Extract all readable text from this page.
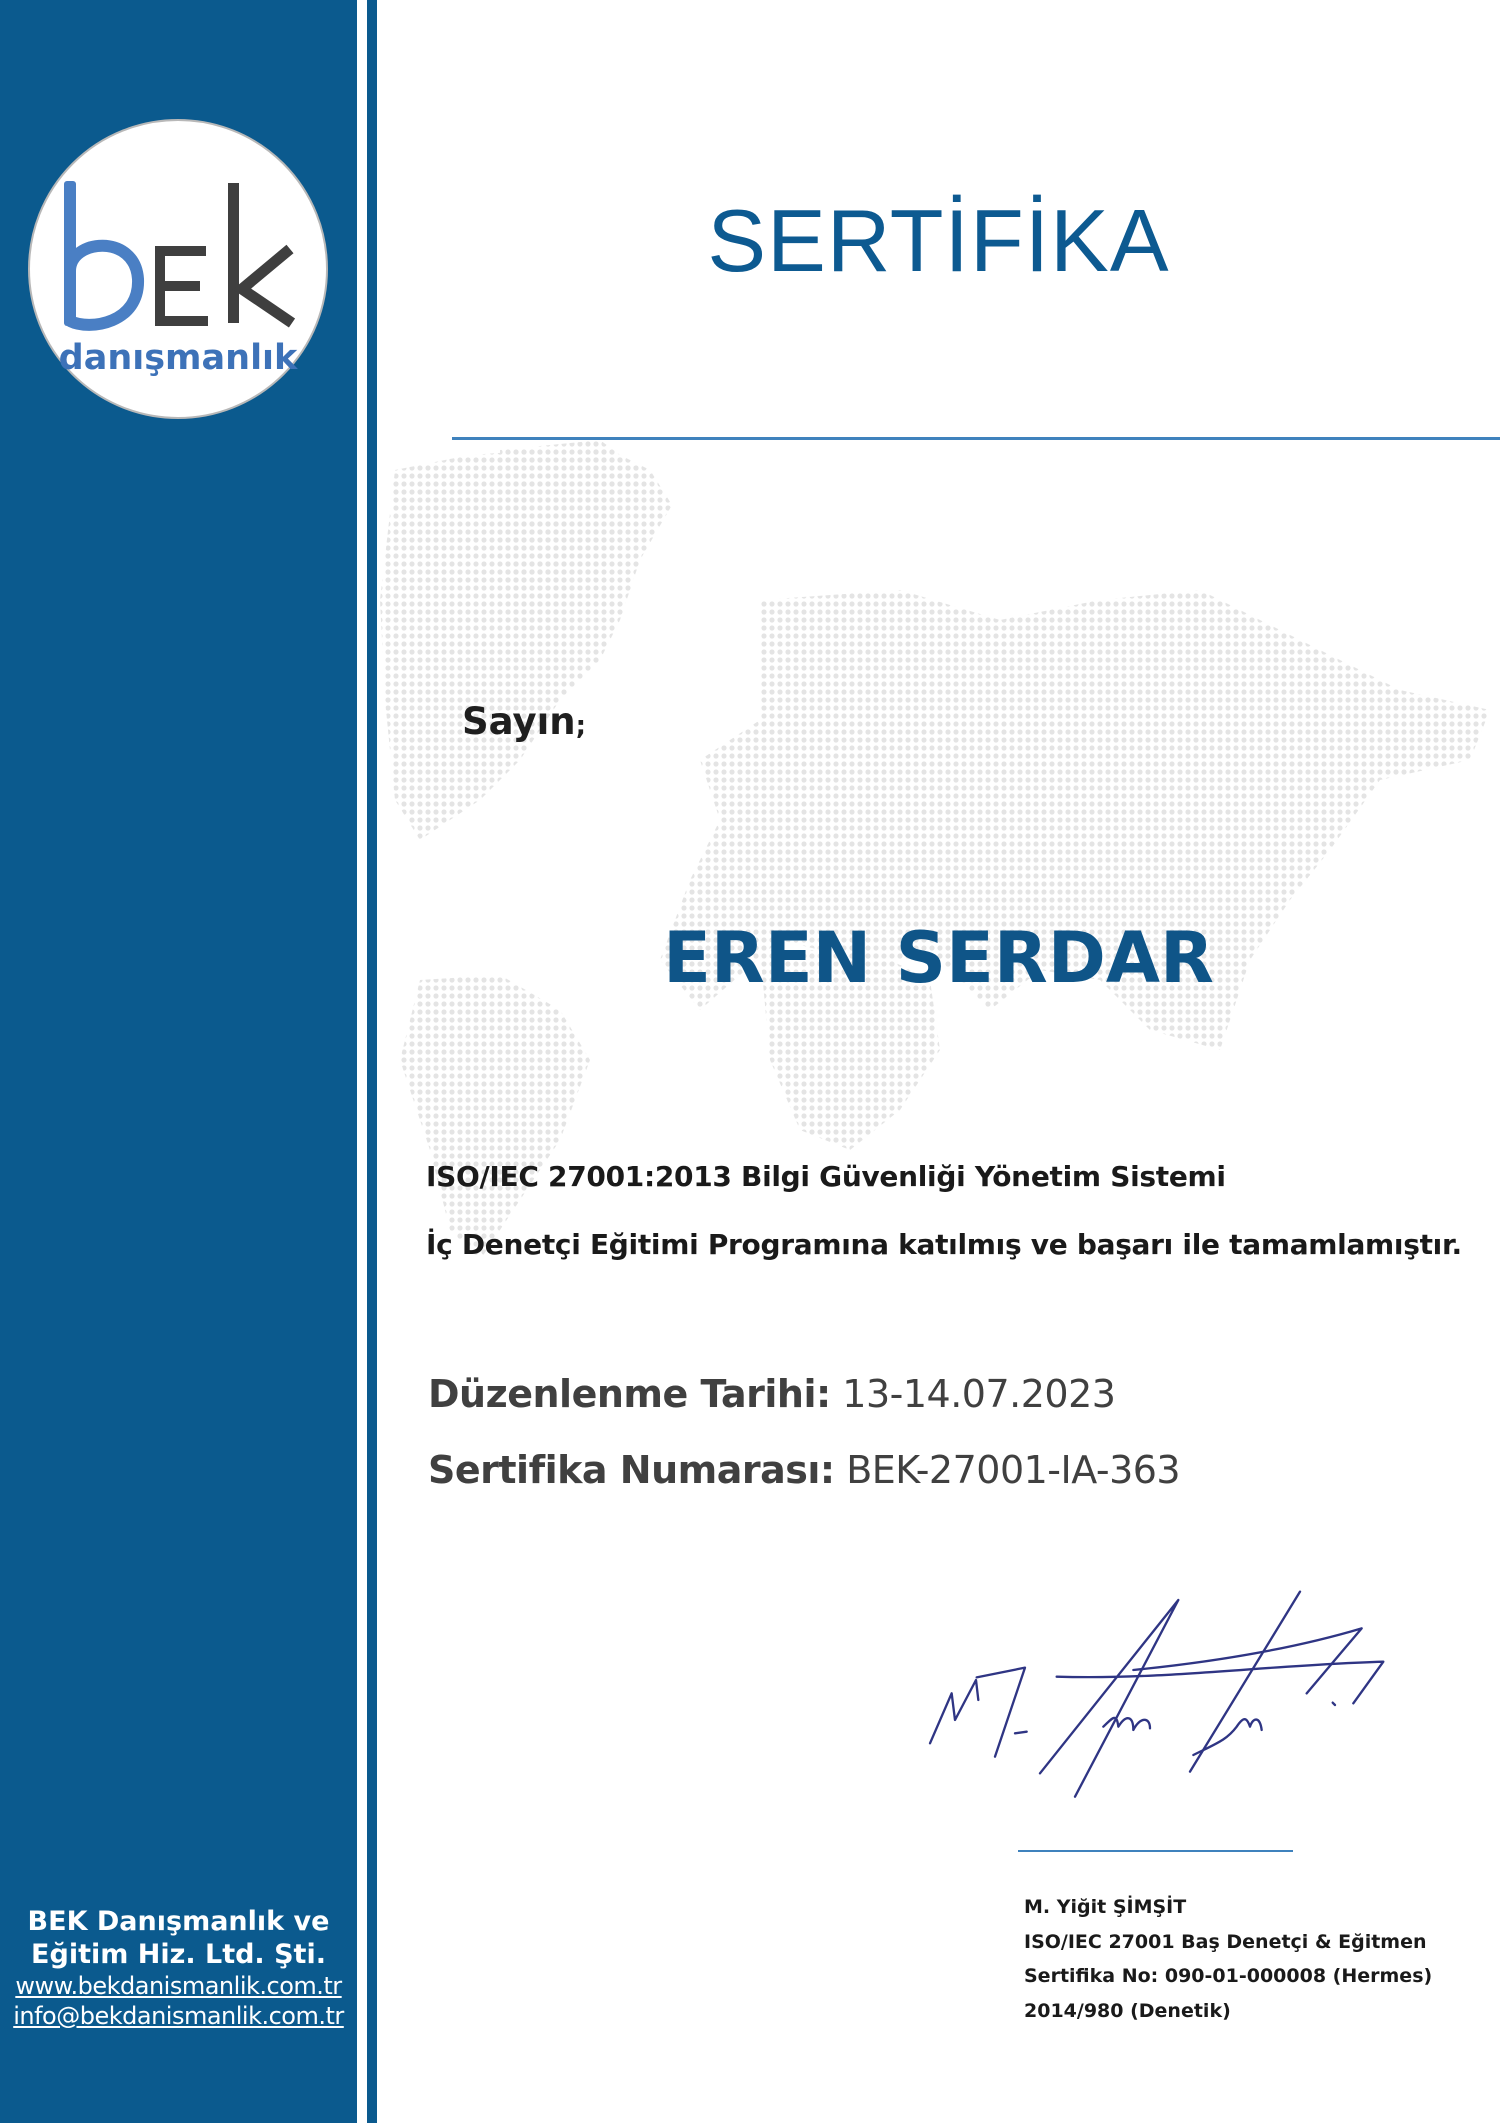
danışmanlık
BEK Danışmanlık ve
Eğitim Hiz. Ltd. Şti.
www.bekdanismanlik.com.tr
info@bekdanismanlik.com.tr
SERTİFİKA
Sayın;
EREN SERDAR
ISO/IEC 27001:2013 Bilgi Güvenliği Yönetim Sistemi
İç Denetçi Eğitimi Programına katılmış ve başarı ile tamamlamıştır.
Düzenlenme Tarihi: 13-14.07.2023
Sertifika Numarası: BEK-27001-IA-363
M. Yiğit ŞİMŞİT
ISO/IEC 27001 Baş Denetçi & Eğitmen
Sertifika No: 090-01-000008 (Hermes)
2014/980 (Denetik)
